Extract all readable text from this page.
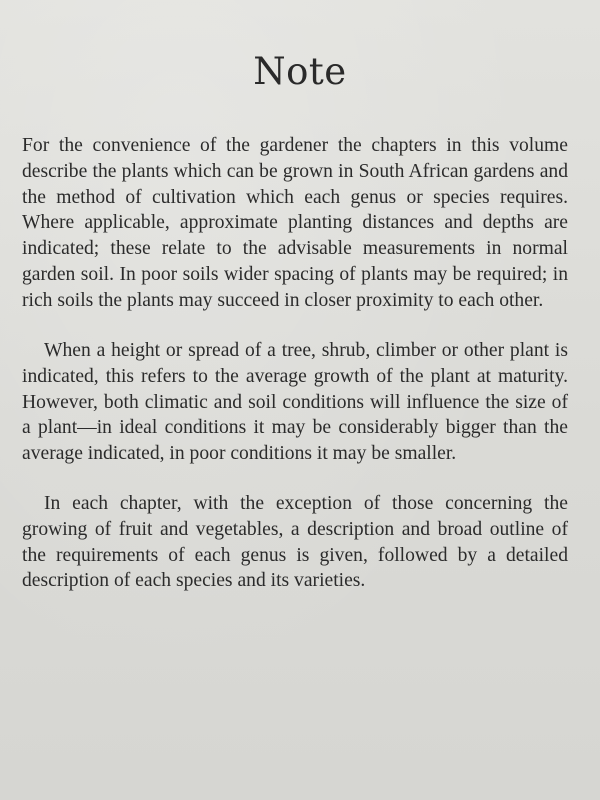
Note

For the convenience of the gardener the chapters in this volume describe the plants which can be grown in South African gardens and the method of cultivation which each genus or species requires. Where applicable, approximate planting distances and depths are indicated; these relate to the advisable measurements in normal garden soil. In poor soils wider spacing of plants may be required; in rich soils the plants may succeed in closer proximity to each other.

When a height or spread of a tree, shrub, climber or other plant is indicated, this refers to the average growth of the plant at maturity. However, both climatic and soil conditions will influence the size of a plant—in ideal conditions it may be considerably bigger than the average indicated, in poor conditions it may be smaller.

In each chapter, with the exception of those concerning the growing of fruit and vegetables, a description and broad outline of the requirements of each genus is given, followed by a detailed description of each species and its varieties.
